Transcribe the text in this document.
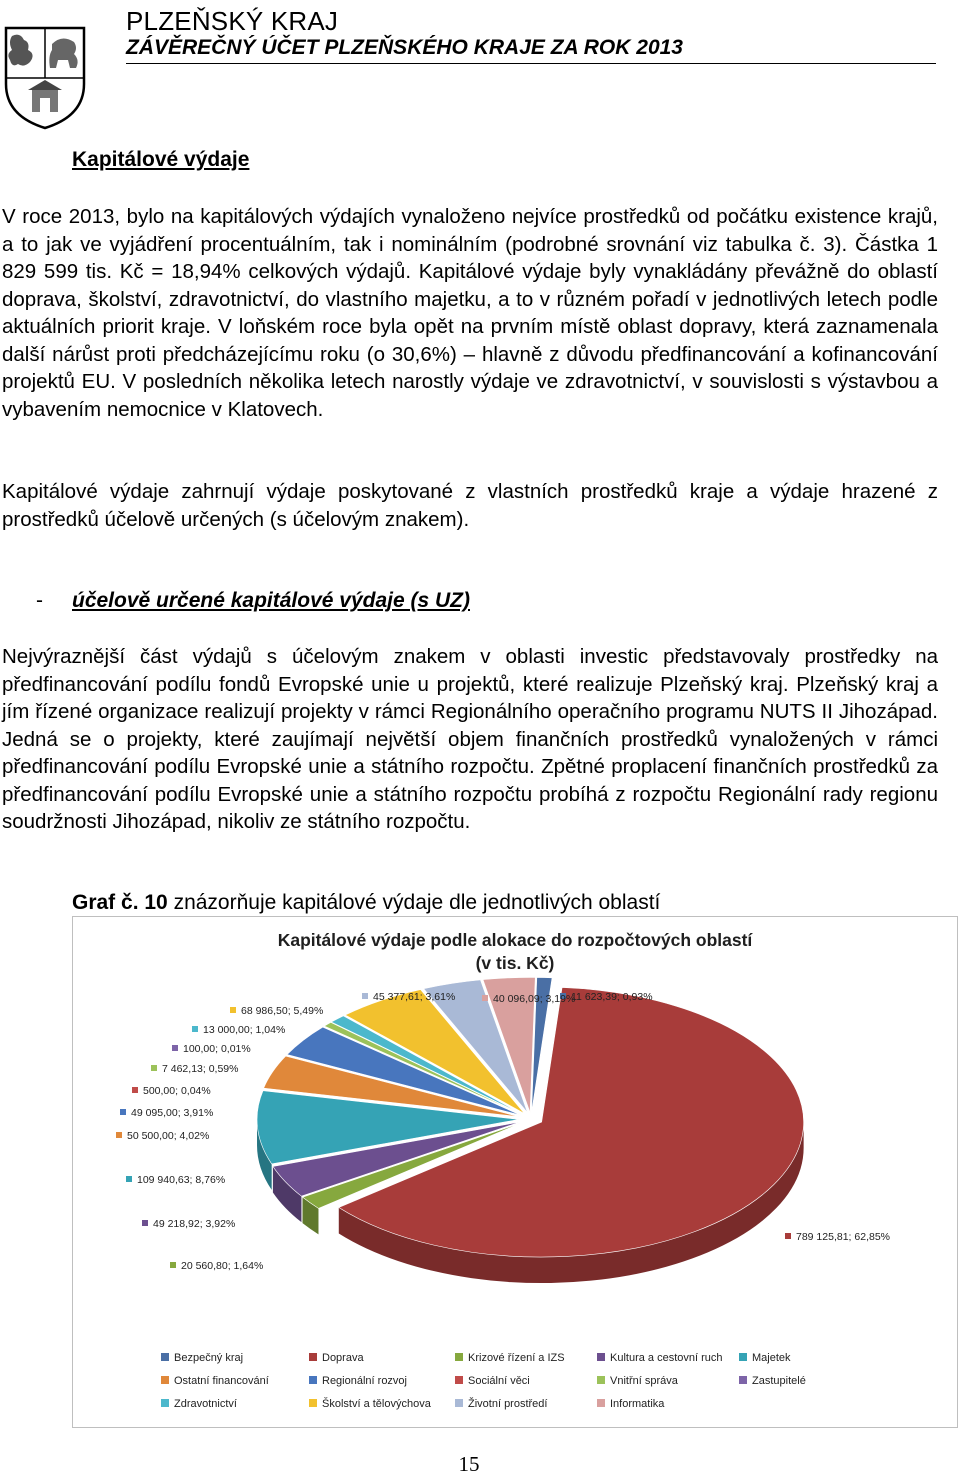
PLZEŇSKÝ KRAJ
ZÁVĚREČNÝ ÚČET PLZEŇSKÉHO KRAJE ZA ROK 2013
Kapitálové výdaje
V roce 2013, bylo na kapitálových výdajích vynaloženo nejvíce prostředků od počátku existence krajů, a to jak ve vyjádření procentuálním, tak i nominálním (podrobné srovnání viz tabulka č. 3). Částka 1 829 599 tis. Kč = 18,94% celkových výdajů. Kapitálové výdaje byly vynakládány převážně do oblastí doprava, školství, zdravotnictví, do vlastního majetku, a to v různém pořadí v jednotlivých letech podle aktuálních priorit kraje. V loňském roce byla opět na prvním místě oblast dopravy, která zaznamenala další nárůst proti předcházejícímu roku (o 30,6%) – hlavně z důvodu předfinancování a kofinancování projektů EU. V posledních několika letech narostly výdaje ve zdravotnictví, v souvislosti s výstavbou a vybavením nemocnice v Klatovech.
Kapitálové výdaje zahrnují výdaje poskytované z vlastních prostředků kraje a výdaje hrazené z prostředků účelově určených (s účelovým znakem).
- účelově určené kapitálové výdaje (s UZ)
Nejvýraznější část výdajů s účelovým znakem v oblasti investic představovaly prostředky na předfinancování podílu fondů Evropské unie u projektů, které realizuje Plzeňský kraj. Plzeňský kraj a jím řízené organizace realizují projekty v rámci Regionálního operačního programu NUTS II Jihozápad. Jedná se o projekty, které zaujímají největší objem finančních prostředků vynaložených v rámci předfinancování podílu Evropské unie a státního rozpočtu. Zpětné proplacení finančních prostředků za předfinancování podílu Evropské unie a státního rozpočtu probíhá z rozpočtu Regionální rady regionu soudržnosti Jihozápad, nikoliv ze státního rozpočtu.
Graf č. 10 znázorňuje kapitálové výdaje dle jednotlivých oblastí
Kapitálové výdaje podle alokace do rozpočtových oblastí
(v tis. Kč)
11 623,39; 0,93%
789 125,81; 62,85%
20 560,80; 1,64%
49 218,92; 3,92%
109 940,63; 8,76%
50 500,00; 4,02%
49 095,00; 3,91%
500,00; 0,04%
7 462,13; 0,59%
100,00; 0,01%
13 000,00; 1,04%
68 986,50; 5,49%
45 377,61; 3,61%	40 096,09; 3,19%
Bezpečný kraj	Doprava	Krizové řízení a IZS	Kultura a cestovní ruch	Majetek
Ostatní financování	Regionální rozvoj	Sociální věci	Vnitřní správa	Zastupitelé
Zdravotnictví	Školství a tělovýchova	Životní prostředí	Informatika
15
